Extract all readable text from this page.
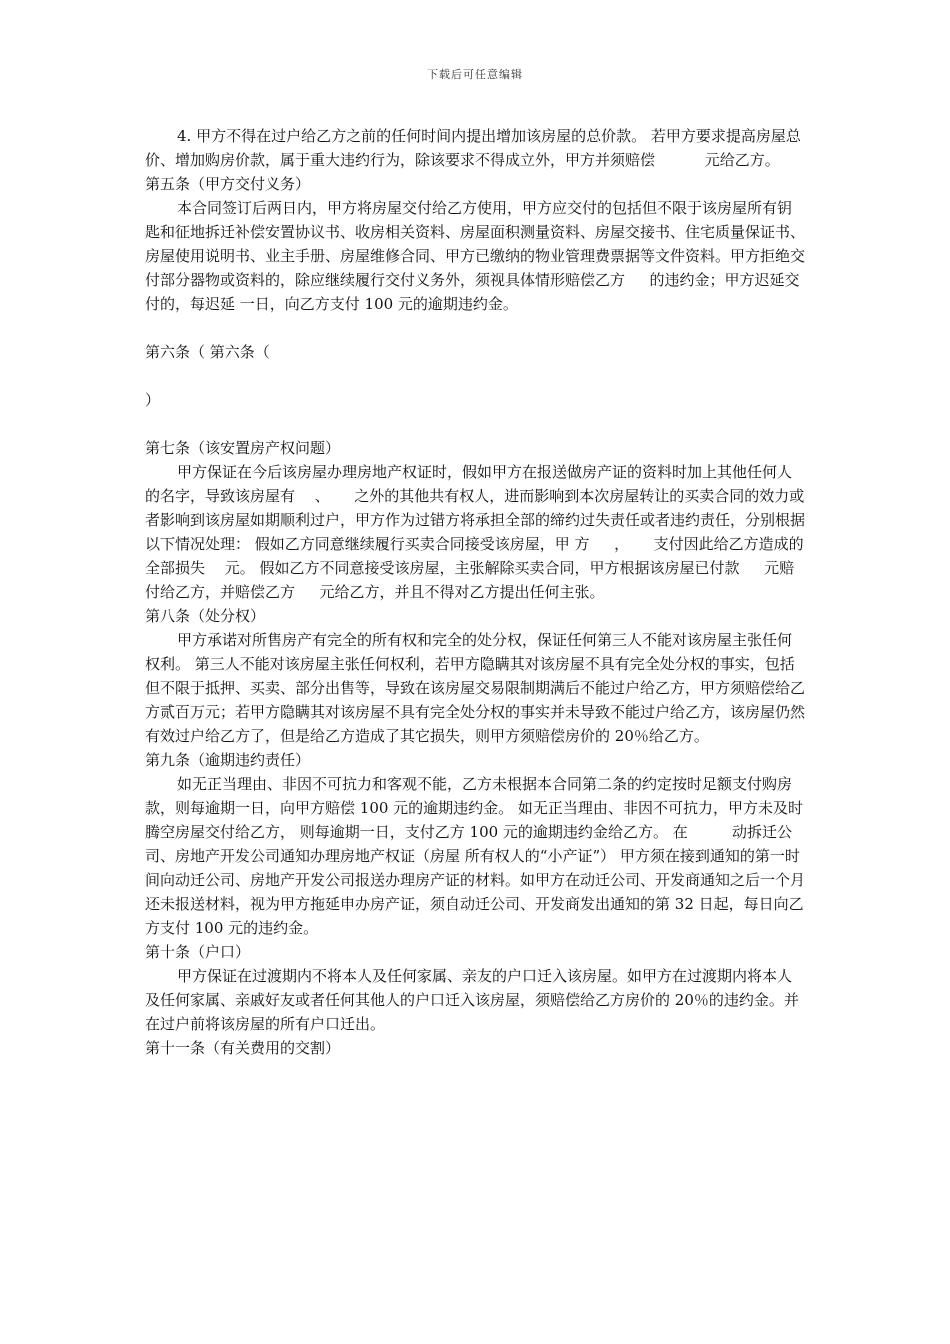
下载后可任意编辑
4. 甲方不得在过户给乙方之前的任何时间内提出增加该房屋的总价款。 若甲方要求提高房屋总价、增加购房价款，属于重大违约行为，除该要求不得成立外，甲方并须赔偿 　　　元给乙方。
第五条（甲方交付义务）
本合同签订后两日内，甲方将房屋交付给乙方使用，甲方应交付的包括但不限于该房屋所有钥匙和征地拆迁补偿安置协议书、收房相关资料、房屋面积测量资料、房屋交接书、住宅质量保证书、房屋使用说明书、业主手册、房屋维修合同、甲方已缴纳的物业管理费票据等文件资料。甲方拒绝交付部分器物或资料的，除应继续履行交付义务外，须视具体情形赔偿乙方 　 的违约金；甲方迟延交付的，每迟延 一日，向乙方支付 100 元的逾期违约金。
第六条（ 第六条（
）
第七条（该安置房产权问题）
甲方保证在今后该房屋办理房地产权证时，假如甲方在报送做房产证的资料时加上其他任何人的名字，导致该房屋有 　、 　 之外的其他共有权人，进而影响到本次房屋转让的买卖合同的效力或者影响到该房屋如期顺利过户，甲方作为过错方将承担全部的缔约过失责任或者违约责任，分别根据以下情况处理： 假如乙方同意继续履行买卖合同接受该房屋，甲 方 　 ， 　 支付因此给乙方造成的全部损失 　元。 假如乙方不同意接受该房屋，主张解除买卖合同，甲方根据该房屋已付款 　 元赔付给乙方，并赔偿乙方 　 元给乙方，并且不得对乙方提出任何主张。
第八条（处分权）
甲方承诺对所售房产有完全的所有权和完全的处分权，保证任何第三人不能对该房屋主张任何权利。 第三人不能对该房屋主张任何权利，若甲方隐瞒其对该房屋不具有完全处分权的事实，包括但不限于抵押、买卖、部分出售等，导致在该房屋交易限制期满后不能过户给乙方，甲方须赔偿给乙方贰百万元；若甲方隐瞒其对该房屋不具有完全处分权的事实并未导致不能过户给乙方，该房屋仍然有效过户给乙方了，但是给乙方造成了其它损失，则甲方须赔偿房价的 20％给乙方。
第九条（逾期违约责任）
如无正当理由、非因不可抗力和客观不能，乙方未根据本合同第二条的约定按时足额支付购房款，则每逾期一日，向甲方赔偿 100 元的逾期违约金。 如无正当理由、非因不可抗力，甲方未及时腾空房屋交付给乙方， 则每逾期一日，支付乙方 100 元的逾期违约金给乙方。 在 　 　 动拆迁公司、房地产开发公司通知办理房地产权证（房屋 所有权人的“小产证”） 甲方须在接到通知的第一时间向动迁公司、房地产开发公司报送办理房产证的材料。如甲方在动迁公司、开发商通知之后一个月还未报送材料，视为甲方拖延申办房产证，须自动迁公司、开发商发出通知的第 32 日起，每日向乙方支付 100 元的违约金。
第十条（户口）
甲方保证在过渡期内不将本人及任何家属、亲友的户口迁入该房屋。如甲方在过渡期内将本人及任何家属、亲戚好友或者任何其他人的户口迁入该房屋，须赔偿给乙方房价的 20％的违约金。并在过户前将该房屋的所有户口迁出。
第十一条（有关费用的交割）
